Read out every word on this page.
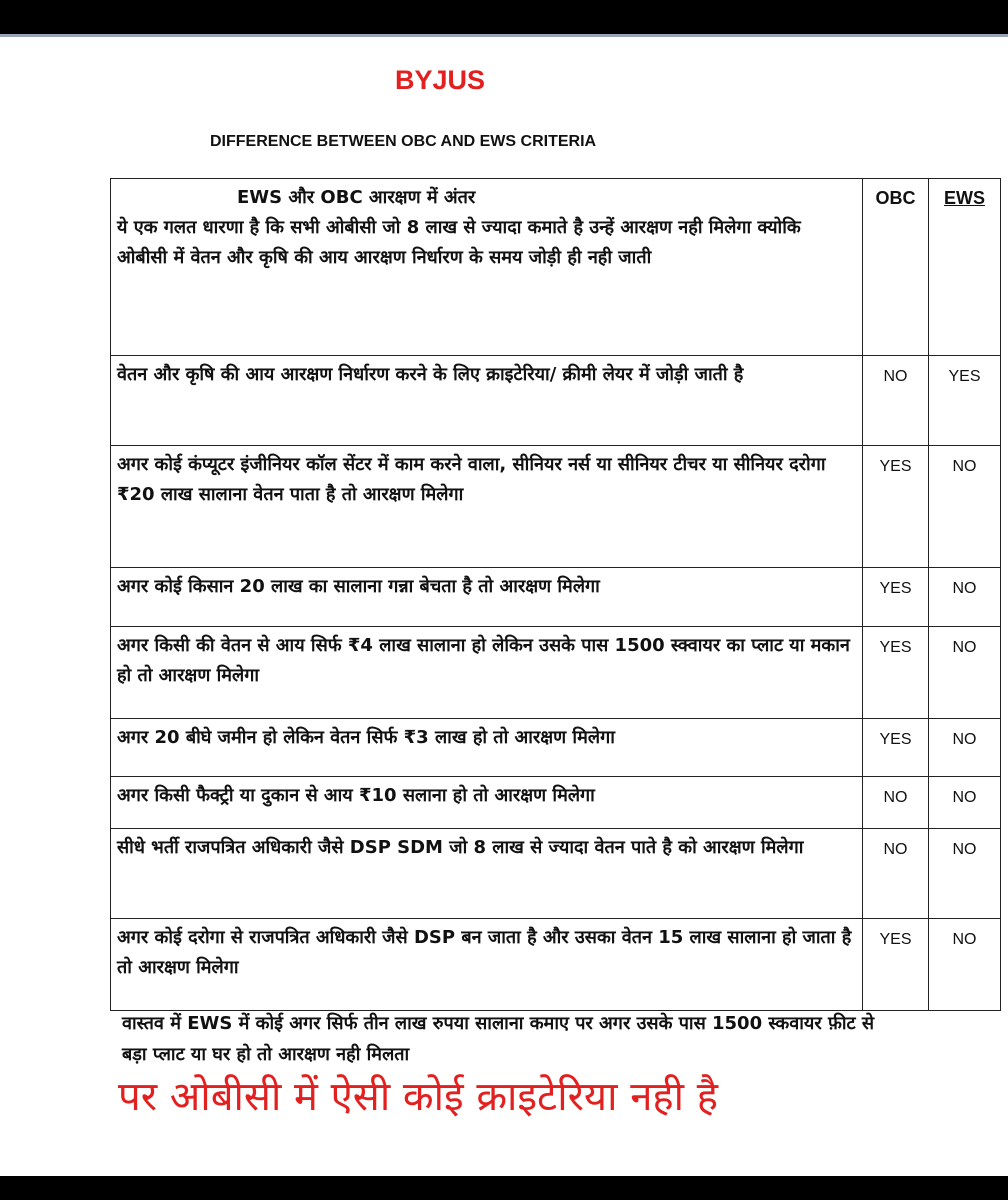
BYJUS
DIFFERENCE BETWEEN OBC AND EWS CRITERIA
EWS और OBC आरक्षण में अंतर
ये एक गलत धारणा है कि सभी ओबीसी जो 8 लाख से ज्यादा कमाते है उन्हें आरक्षण नही मिलेगा क्योकि ओबीसी में वेतन और कृषि की आय आरक्षण निर्धारण के समय जोड़ी ही नही जाती	OBC	EWS
वेतन और कृषि की आय आरक्षण निर्धारण करने के लिए क्राइटेरिया/ क्रीमी लेयर में जोड़ी जाती है	NO	YES
अगर कोई कंप्यूटर इंजीनियर कॉल सेंटर में काम करने वाला, सीनियर नर्स या सीनियर टीचर या सीनियर दरोगा ₹20 लाख सालाना वेतन पाता है तो आरक्षण मिलेगा	YES	NO
अगर कोई किसान 20 लाख का सालाना गन्ना बेचता है तो आरक्षण मिलेगा	YES	NO
अगर किसी की वेतन से आय सिर्फ ₹4 लाख सालाना हो लेकिन उसके पास 1500 स्क्वायर का प्लाट या मकान हो तो आरक्षण मिलेगा	YES	NO
अगर 20 बीघे जमीन हो लेकिन वेतन सिर्फ ₹3 लाख हो तो आरक्षण मिलेगा	YES	NO
अगर किसी फैक्ट्री या दुकान से आय ₹10 सलाना हो तो आरक्षण मिलेगा	NO	NO
सीधे भर्ती राजपत्रित अधिकारी जैसे DSP SDM जो 8 लाख से ज्यादा वेतन पाते है को आरक्षण मिलेगा	NO	NO
अगर कोई दरोगा से राजपत्रित अधिकारी जैसे DSP बन जाता है और उसका वेतन 15 लाख सालाना हो जाता है तो आरक्षण मिलेगा	YES	NO
वास्तव में EWS में कोई अगर सिर्फ तीन लाख रुपया सालाना कमाए पर अगर उसके पास 1500 स्कवायर फ़ीट से बड़ा प्लाट या घर हो तो आरक्षण नही मिलता
पर ओबीसी में ऐसी कोई क्राइटेरिया नही है
